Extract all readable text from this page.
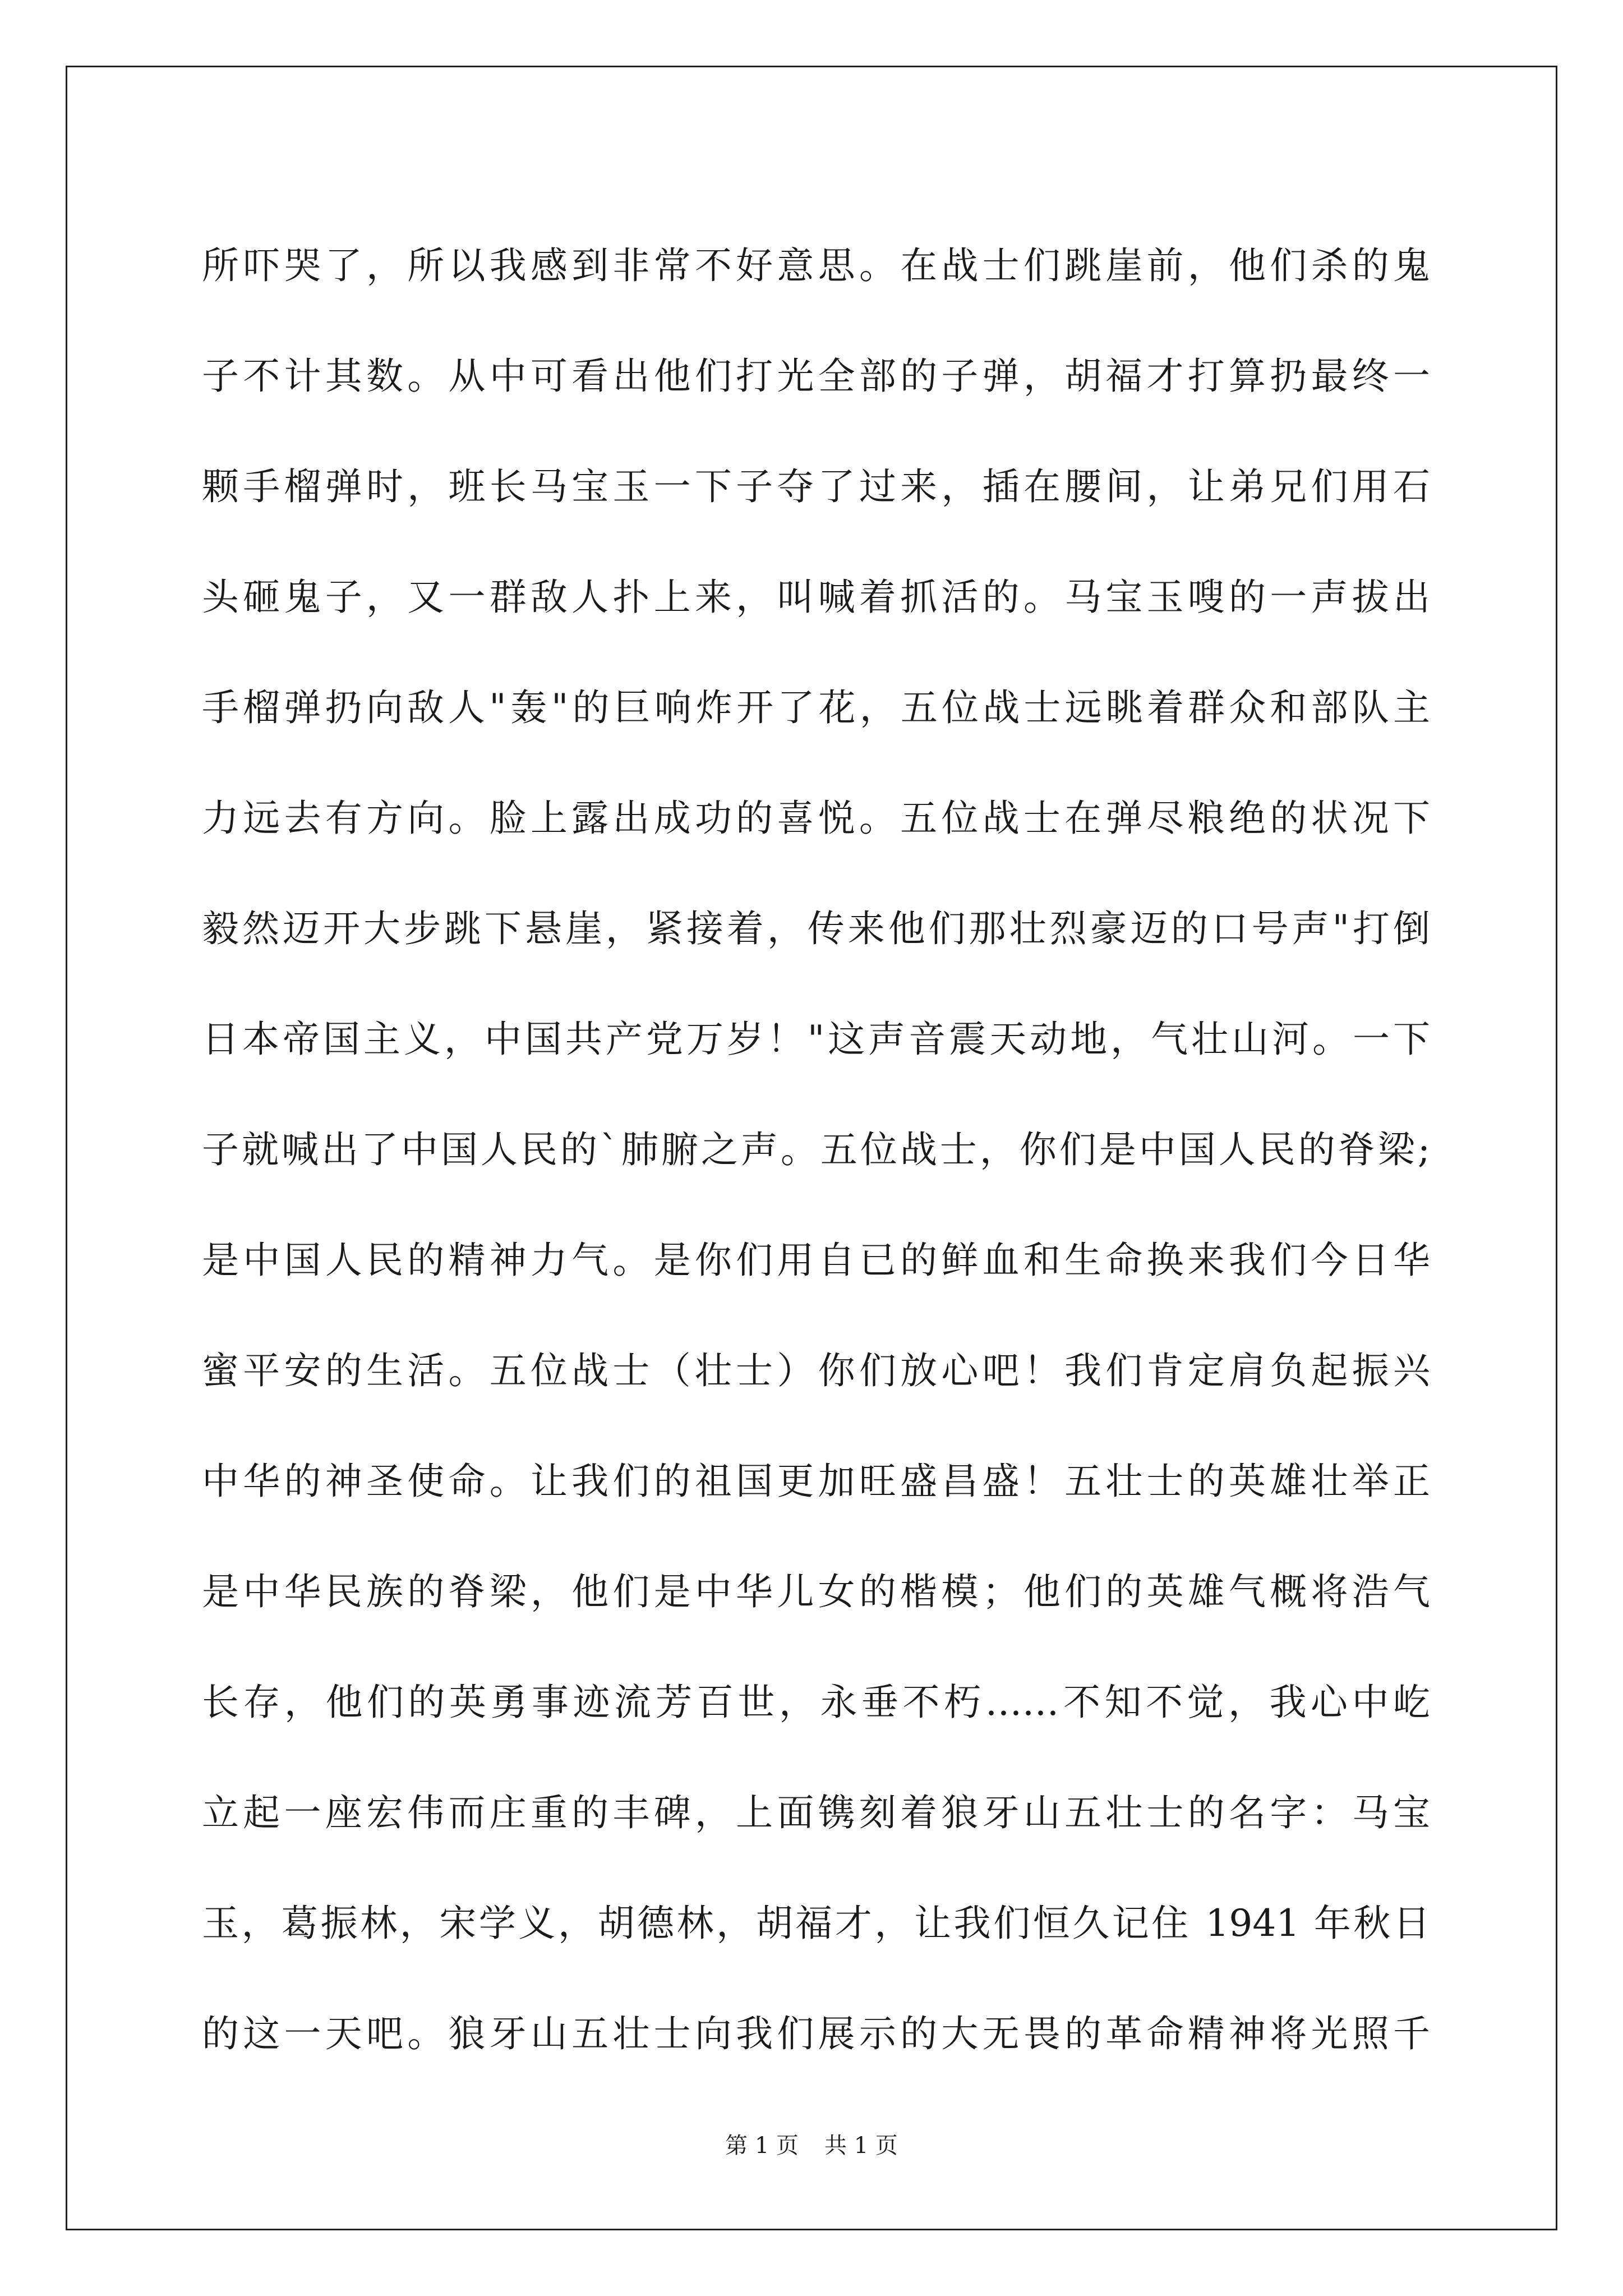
所吓哭了，所以我感到非常不好意思。在战士们跳崖前，他们杀的鬼
子不计其数。从中可看出他们打光全部的子弹，胡福才打算扔最终一
颗手榴弹时，班长马宝玉一下子夺了过来，插在腰间，让弟兄们用石
头砸鬼子，又一群敌人扑上来，叫喊着抓活的。马宝玉嗖的一声拔出
手榴弹扔向敌人"轰"的巨响炸开了花，五位战士远眺着群众和部队主
力远去有方向。脸上露出成功的喜悦。五位战士在弹尽粮绝的状况下
毅然迈开大步跳下悬崖，紧接着，传来他们那壮烈豪迈的口号声"打倒
日本帝国主义，中国共产党万岁！"这声音震天动地，气壮山河。一下
子就喊出了中国人民的`肺腑之声。五位战士，你们是中国人民的脊梁;
是中国人民的精神力气。是你们用自已的鲜血和生命换来我们今日华
蜜平安的生活。五位战士（壮士）你们放心吧！我们肯定肩负起振兴
中华的神圣使命。让我们的祖国更加旺盛昌盛！五壮士的英雄壮举正
是中华民族的脊梁，他们是中华儿女的楷模；他们的英雄气概将浩气
长存，他们的英勇事迹流芳百世，永垂不朽……不知不觉，我心中屹
立起一座宏伟而庄重的丰碑，上面镌刻着狼牙山五壮士的名字：马宝
玉，葛振林，宋学义，胡德林，胡福才，让我们恒久记住 1941 年秋日
的这一天吧。狼牙山五壮士向我们展示的大无畏的革命精神将光照千
第 1 页 共 1 页
